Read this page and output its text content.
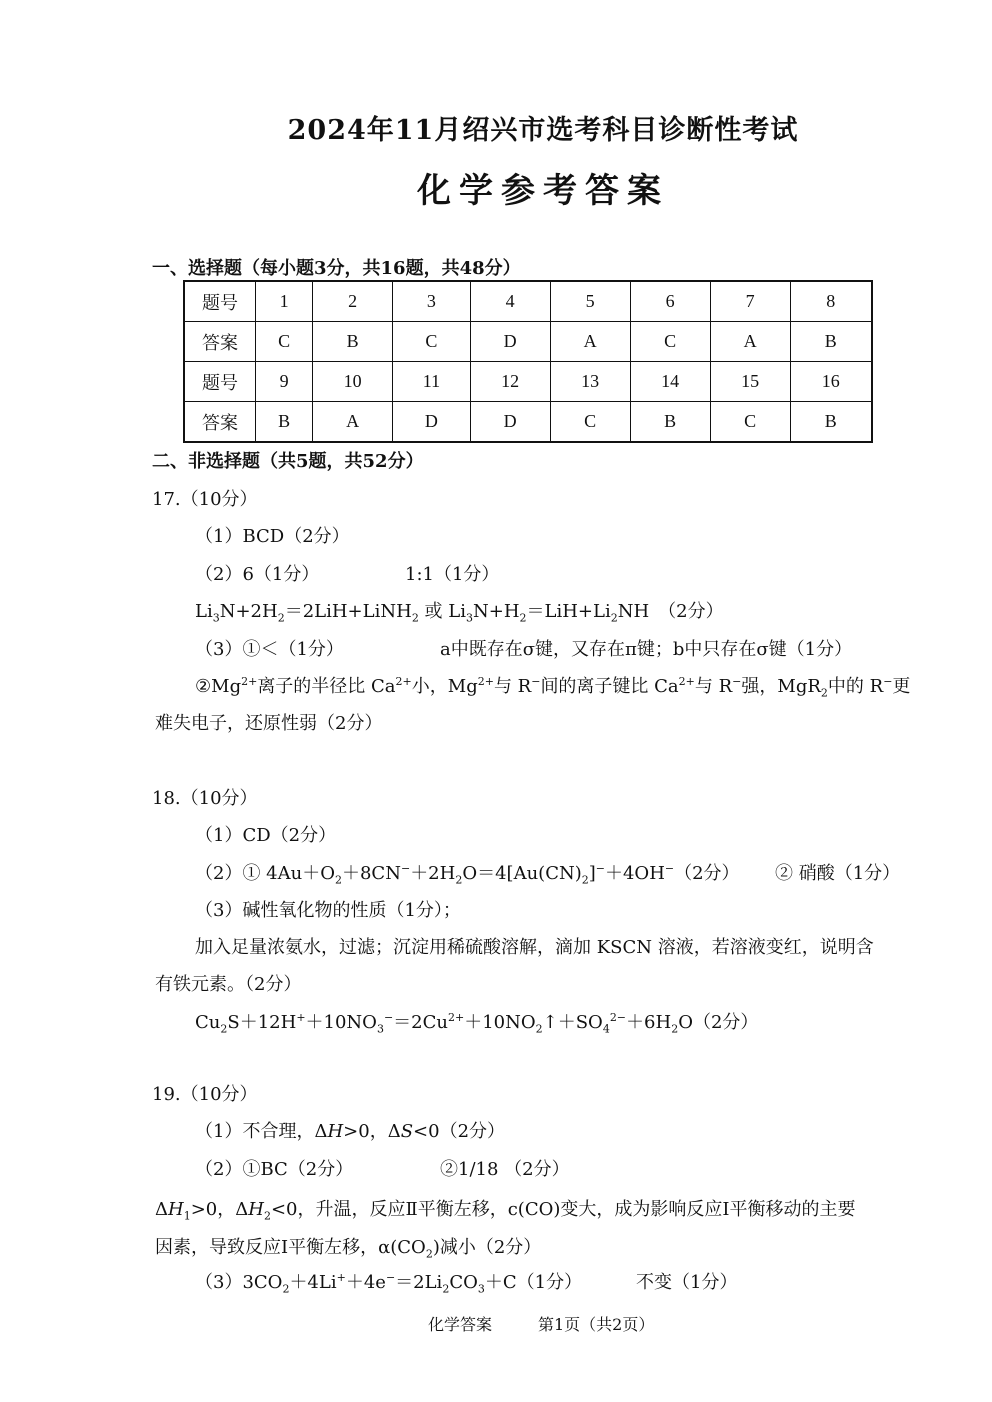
2024年11月绍兴市选考科目诊断性考试
化学参考答案
一、选择题（每小题3分，共16题，共48分）
题号	1	2	3	4	5	6	7	8
答案	C	B	C	D	A	C	A	B
题号	9	10	11	12	13	14	15	16
答案	B	A	D	D	C	B	C	B
二、非选择题（共5题，共52分）
17.（10分）
（1）BCD（2分）
（2）6（1分）	1:1（1分）
$Li_3N+2H_2=2LiH+LiNH_2$ 或 $Li_3N+H_2=LiH+Li_2NH$　（2分）
（3）①＜（1分）	a中既存在σ键，又存在π键；b中只存在σ键（1分）
$②Mg^{2+}$离子的半径比 $Ca^{2+}$小，$Mg^{2+}$与 R−间的离子键比 $Ca^{2+}$与 R−强，MgR$_2$中的 R−更
难失电子，还原性弱（2分）
18.（10分）
（1）CD（2分）
（2）① $4Au+O_2+8CN^-+2H_2O=4[Au(CN)_2]^-+4OH^-(2$分） ② 硝酸（1分）
（3）碱性氧化物的性质（1分）；
加入足量浓氨水，过滤；沉淀用稀硫酸溶解，滴加 KSCN 溶液，若溶液变红，说明含
有铁元素。（2分）
$Cu_2S+12H^++10NO_3^-=2Cu^{2+}+10NO_2↑+SO_4^{2-}+6H_2O(2$分）
19.（10分）
（1）不合理，ΔH>0，ΔS<0（2分）
（2）①BC（2分）	②1/18 （2分）
$\Delta H_1>0$，$\Delta H_2<0$，升温，反应Ⅱ平衡左移，c(CO)变大，成为影响反应Ⅰ平衡移动的主要
因素，导致反应Ⅰ平衡左移，$\alpha(CO_2)$减小（2分）
$(3)3CO_2+4Li^++4e^-=2Li_2CO_3+C(1$分）	不变（1分）
化学答案	第1页（共2页）
